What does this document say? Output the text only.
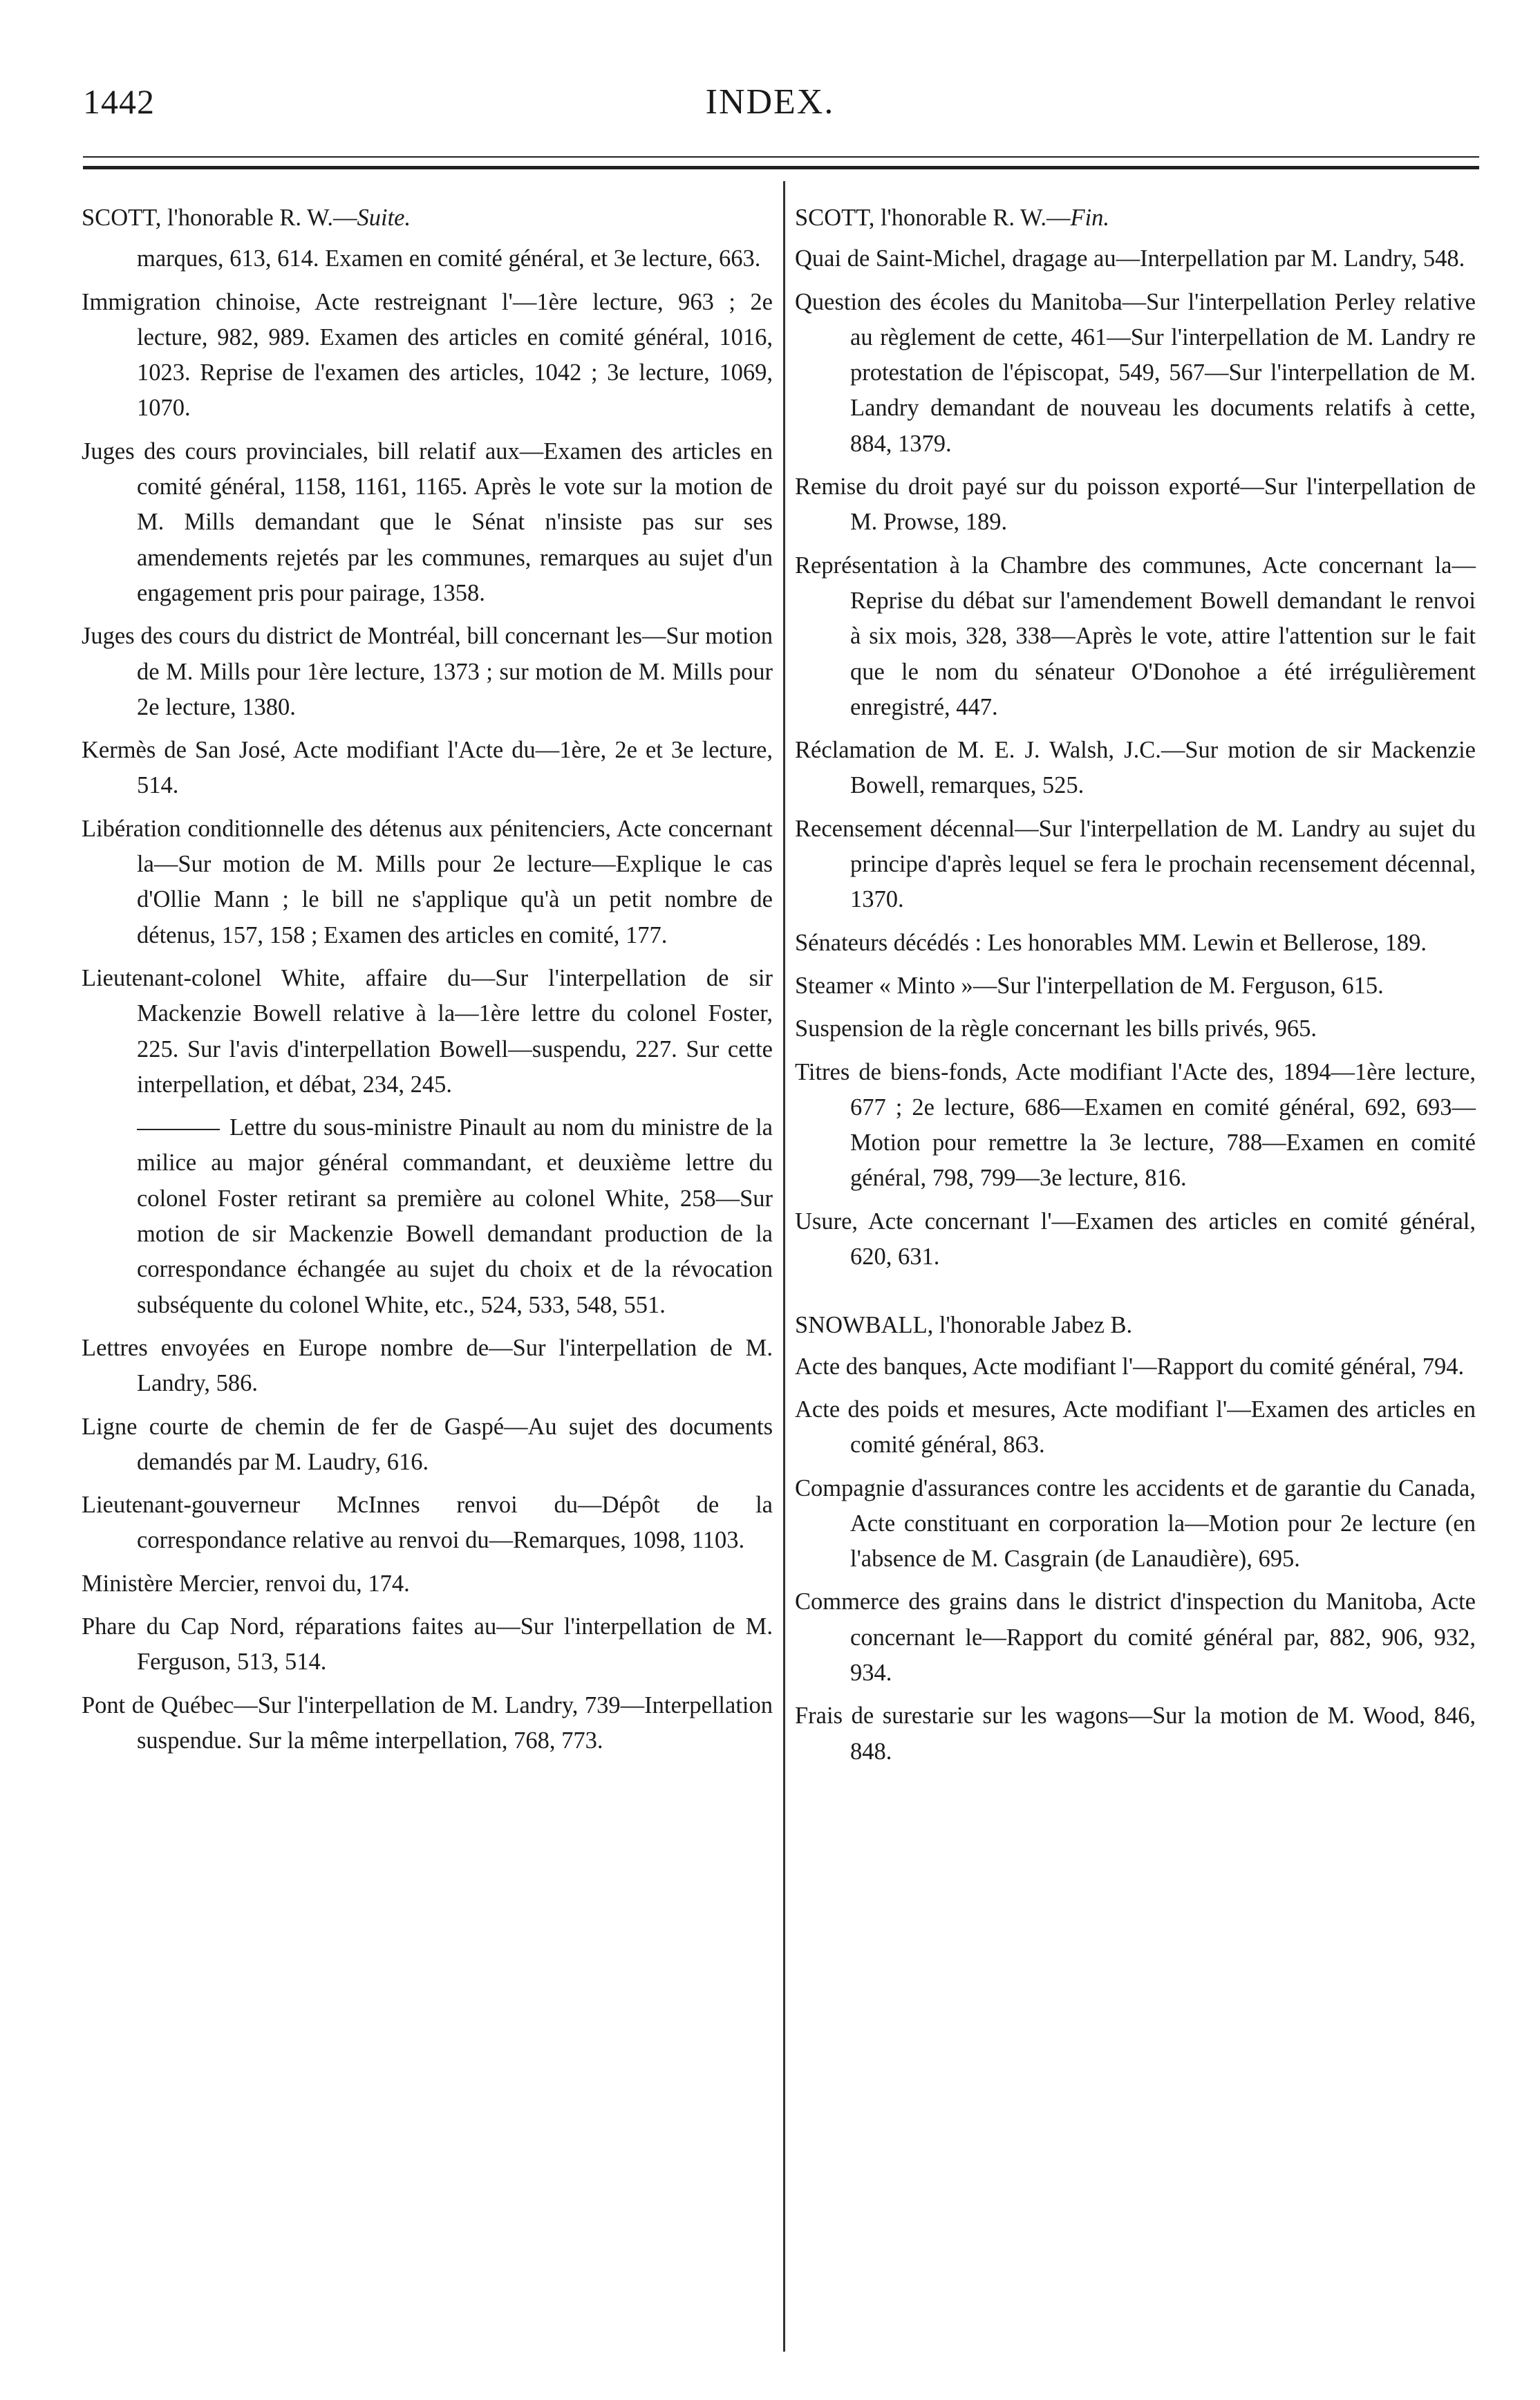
1442	INDEX.

SCOTT, l'honorable R. W.—Suite.

marques, 613, 614. Examen en comité général, et 3e lecture, 663.

Immigration chinoise, Acte restreignant l'—1ère lecture, 963 ; 2e lecture, 982, 989. Examen des articles en comité général, 1016, 1023. Reprise de l'examen des articles, 1042 ; 3e lecture, 1069, 1070.

Juges des cours provinciales, bill relatif aux—Examen des articles en comité général, 1158, 1161, 1165. Après le vote sur la motion de M. Mills demandant que le Sénat n'insiste pas sur ses amendements rejetés par les communes, remarques au sujet d'un engagement pris pour pairage, 1358.

Juges des cours du district de Montréal, bill concernant les—Sur motion de M. Mills pour 1ère lecture, 1373 ; sur motion de M. Mills pour 2e lecture, 1380.

Kermès de San José, Acte modifiant l'Acte du—1ère, 2e et 3e lecture, 514.

Libération conditionnelle des détenus aux pénitenciers, Acte concernant la—Sur motion de M. Mills pour 2e lecture—Explique le cas d'Ollie Mann ; le bill ne s'applique qu'à un petit nombre de détenus, 157, 158 ; Examen des articles en comité, 177.

Lieutenant-colonel White, affaire du—Sur l'interpellation de sir Mackenzie Bowell relative à la—1ère lettre du colonel Foster, 225. Sur l'avis d'interpellation Bowell—suspendu, 227. Sur cette interpellation, et débat, 234, 245.

Lettre du sous-ministre Pinault au nom du ministre de la milice au major général commandant, et deuxième lettre du colonel Foster retirant sa première au colonel White, 258—Sur motion de sir Mackenzie Bowell demandant production de la correspondance échangée au sujet du choix et de la révocation subséquente du colonel White, etc., 524, 533, 548, 551.

Lettres envoyées en Europe nombre de—Sur l'interpellation de M. Landry, 586.

Ligne courte de chemin de fer de Gaspé—Au sujet des documents demandés par M. Laudry, 616.

Lieutenant-gouverneur McInnes renvoi du—Dépôt de la correspondance relative au renvoi du—Remarques, 1098, 1103.

Ministère Mercier, renvoi du, 174.

Phare du Cap Nord, réparations faites au—Sur l'interpellation de M. Ferguson, 513, 514.

Pont de Québec—Sur l'interpellation de M. Landry, 739—Interpellation suspendue. Sur la même interpellation, 768, 773.

SCOTT, l'honorable R. W.—Fin.

Quai de Saint-Michel, dragage au—Interpellation par M. Landry, 548.

Question des écoles du Manitoba—Sur l'interpellation Perley relative au règlement de cette, 461—Sur l'interpellation de M. Landry re protestation de l'épiscopat, 549, 567—Sur l'interpellation de M. Landry demandant de nouveau les documents relatifs à cette, 884, 1379.

Remise du droit payé sur du poisson exporté—Sur l'interpellation de M. Prowse, 189.

Représentation à la Chambre des communes, Acte concernant la—Reprise du débat sur l'amendement Bowell demandant le renvoi à six mois, 328, 338—Après le vote, attire l'attention sur le fait que le nom du sénateur O'Donohoe a été irrégulièrement enregistré, 447.

Réclamation de M. E. J. Walsh, J.C.—Sur motion de sir Mackenzie Bowell, remarques, 525.

Recensement décennal—Sur l'interpellation de M. Landry au sujet du principe d'après lequel se fera le prochain recensement décennal, 1370.

Sénateurs décédés : Les honorables MM. Lewin et Bellerose, 189.

Steamer « Minto »—Sur l'interpellation de M. Ferguson, 615.

Suspension de la règle concernant les bills privés, 965.

Titres de biens-fonds, Acte modifiant l'Acte des, 1894—1ère lecture, 677 ; 2e lecture, 686—Examen en comité général, 692, 693—Motion pour remettre la 3e lecture, 788—Examen en comité général, 798, 799—3e lecture, 816.

Usure, Acte concernant l'—Examen des articles en comité général, 620, 631.

SNOWBALL, l'honorable Jabez B.

Acte des banques, Acte modifiant l'—Rapport du comité général, 794.

Acte des poids et mesures, Acte modifiant l'—Examen des articles en comité général, 863.

Compagnie d'assurances contre les accidents et de garantie du Canada, Acte constituant en corporation la—Motion pour 2e lecture (en l'absence de M. Casgrain (de Lanaudière), 695.

Commerce des grains dans le district d'inspection du Manitoba, Acte concernant le—Rapport du comité général par, 882, 906, 932, 934.

Frais de surestarie sur les wagons—Sur la motion de M. Wood, 846, 848.
